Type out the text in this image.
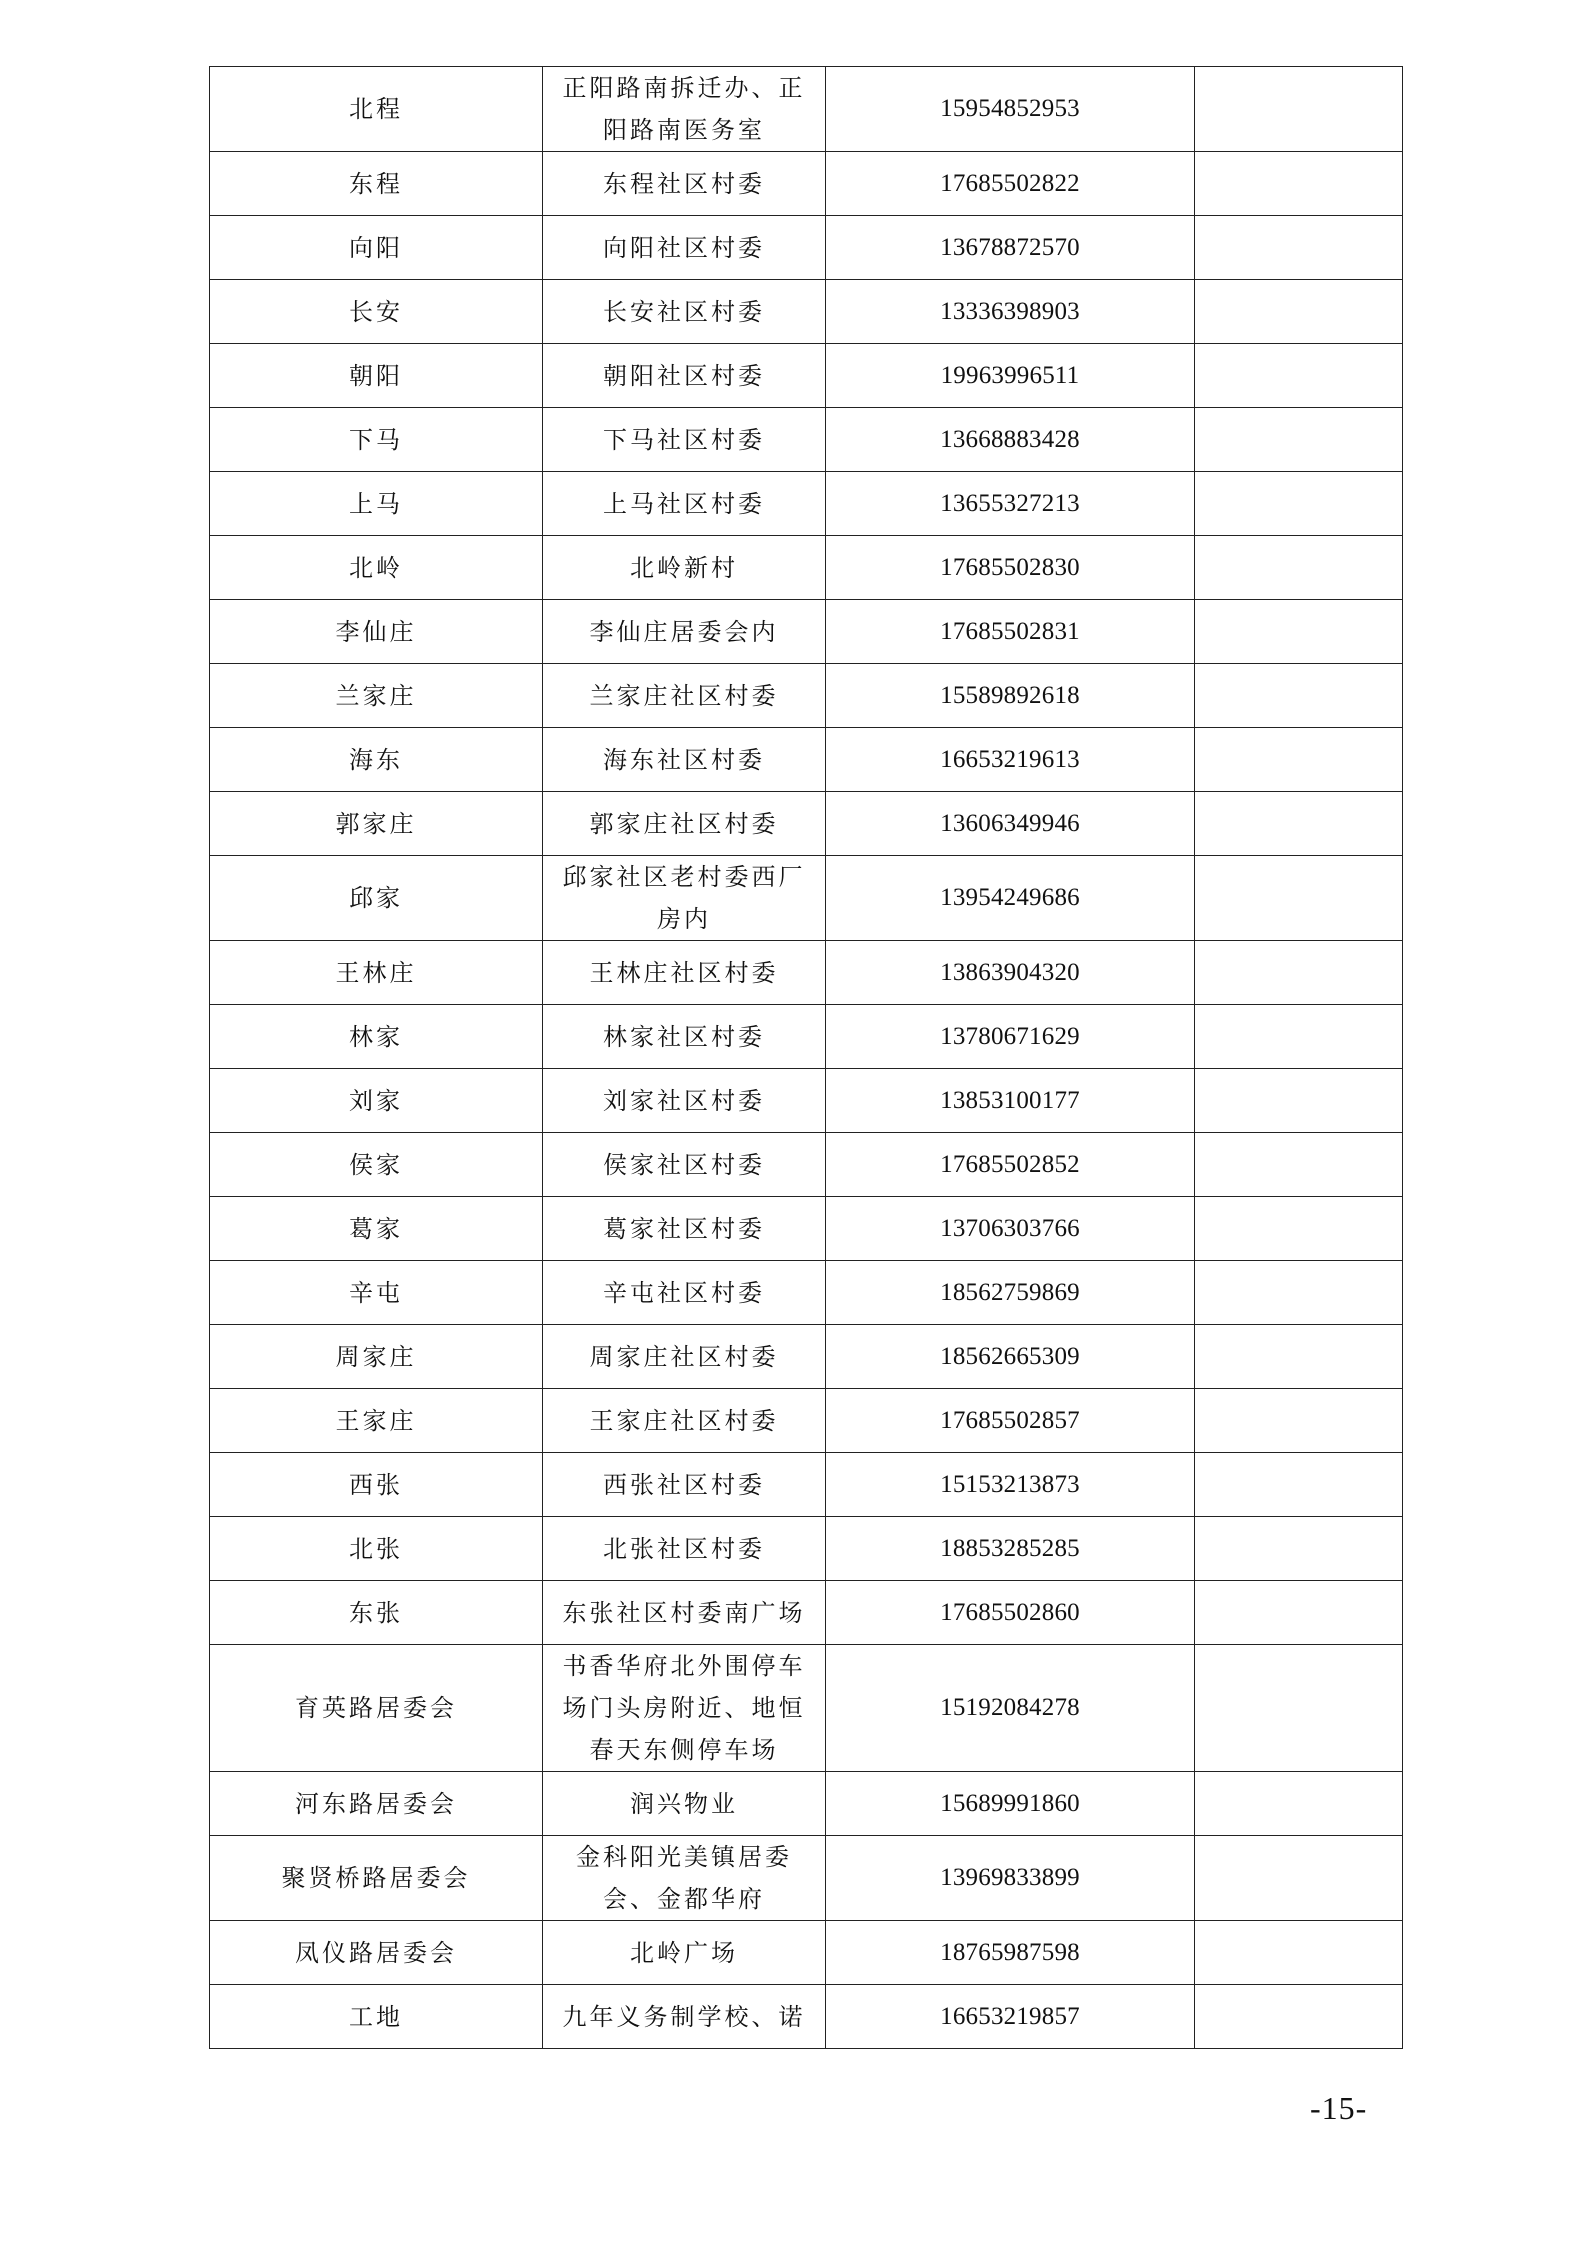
北程	正阳路南拆迁办、正阳路南医务室	15954852953	
东程	东程社区村委	17685502822	
向阳	向阳社区村委	13678872570	
长安	长安社区村委	13336398903	
朝阳	朝阳社区村委	19963996511	
下马	下马社区村委	13668883428	
上马	上马社区村委	13655327213	
北岭	北岭新村	17685502830	
李仙庄	李仙庄居委会内	17685502831	
兰家庄	兰家庄社区村委	15589892618	
海东	海东社区村委	16653219613	
郭家庄	郭家庄社区村委	13606349946	
邱家	邱家社区老村委西厂房内	13954249686	
王林庄	王林庄社区村委	13863904320	
林家	林家社区村委	13780671629	
刘家	刘家社区村委	13853100177	
侯家	侯家社区村委	17685502852	
葛家	葛家社区村委	13706303766	
辛屯	辛屯社区村委	18562759869	
周家庄	周家庄社区村委	18562665309	
王家庄	王家庄社区村委	17685502857	
西张	西张社区村委	15153213873	
北张	北张社区村委	18853285285	
东张	东张社区村委南广场	17685502860	
育英路居委会	书香华府北外围停车场门头房附近、地恒春天东侧停车场	15192084278	
河东路居委会	润兴物业	15689991860	
聚贤桥路居委会	金科阳光美镇居委会、金都华府	13969833899	
凤仪路居委会	北岭广场	18765987598	
工地	九年义务制学校、诺	16653219857	
-15-
